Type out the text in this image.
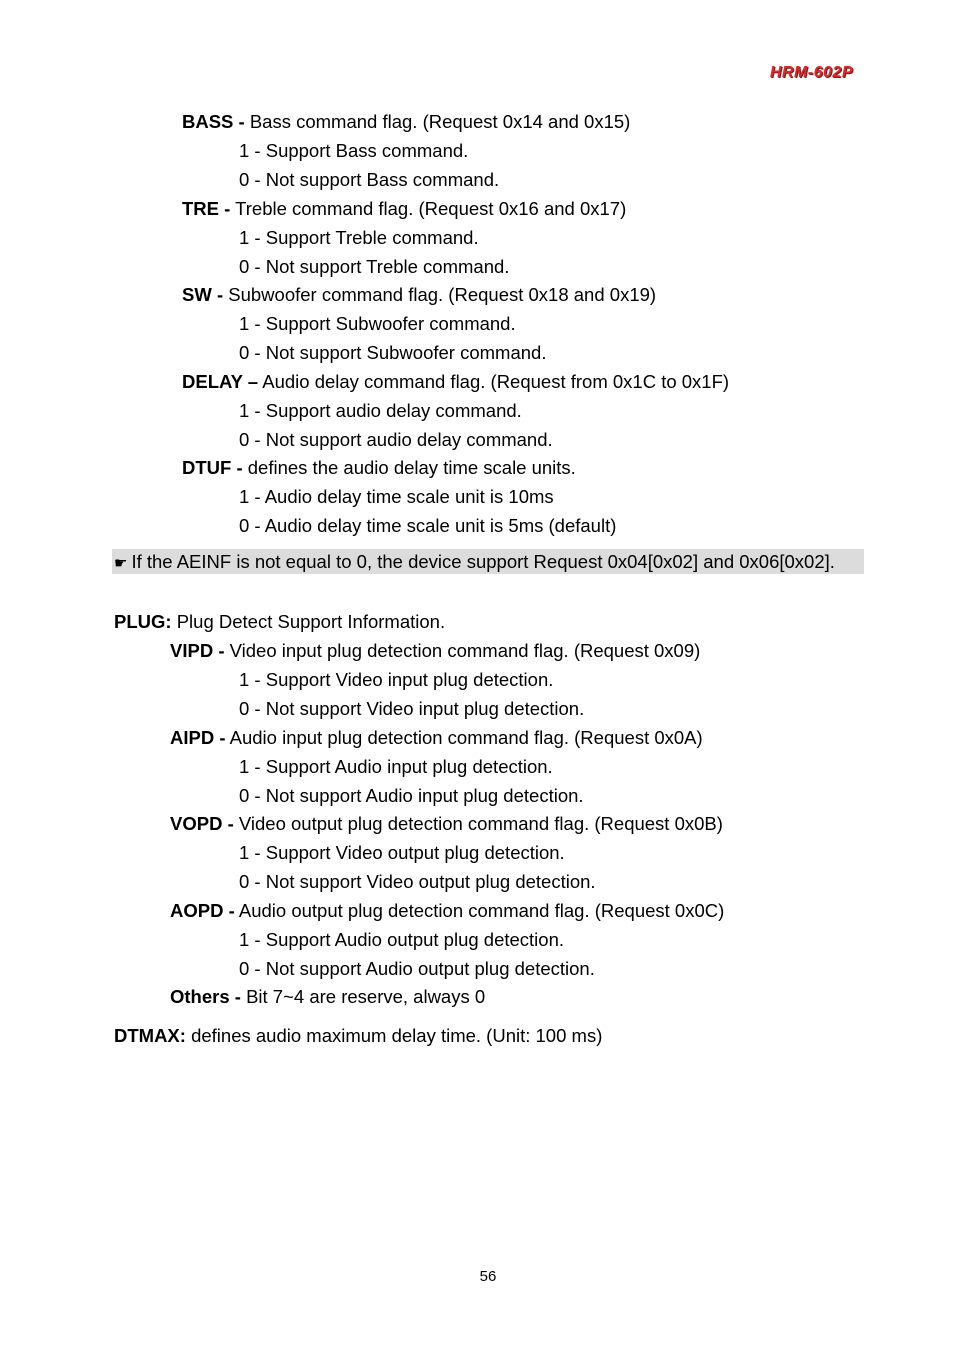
HRM-602P
BASS - Bass command flag. (Request 0x14 and 0x15)
1 - Support Bass command.
0 - Not support Bass command.
TRE - Treble command flag. (Request 0x16 and 0x17)
1 - Support Treble command.
0 - Not support Treble command.
SW - Subwoofer command flag. (Request 0x18 and 0x19)
1 - Support Subwoofer command.
0 - Not support Subwoofer command.
DELAY – Audio delay command flag. (Request from 0x1C to 0x1F)
1 - Support audio delay command.
0 - Not support audio delay command.
DTUF - defines the audio delay time scale units.
1 - Audio delay time scale unit is 10ms
0 - Audio delay time scale unit is 5ms (default)
☛ If the AEINF is not equal to 0, the device support Request 0x04[0x02] and 0x06[0x02].
PLUG: Plug Detect Support Information.
VIPD - Video input plug detection command flag. (Request 0x09)
1 - Support Video input plug detection.
0 - Not support Video input plug detection.
AIPD - Audio input plug detection command flag. (Request 0x0A)
1 - Support Audio input plug detection.
0 - Not support Audio input plug detection.
VOPD - Video output plug detection command flag. (Request 0x0B)
1 - Support Video output plug detection.
0 - Not support Video output plug detection.
AOPD - Audio output plug detection command flag. (Request 0x0C)
1 - Support Audio output plug detection.
0 - Not support Audio output plug detection.
Others - Bit 7~4 are reserve, always 0
DTMAX: defines audio maximum delay time. (Unit: 100 ms)
56
